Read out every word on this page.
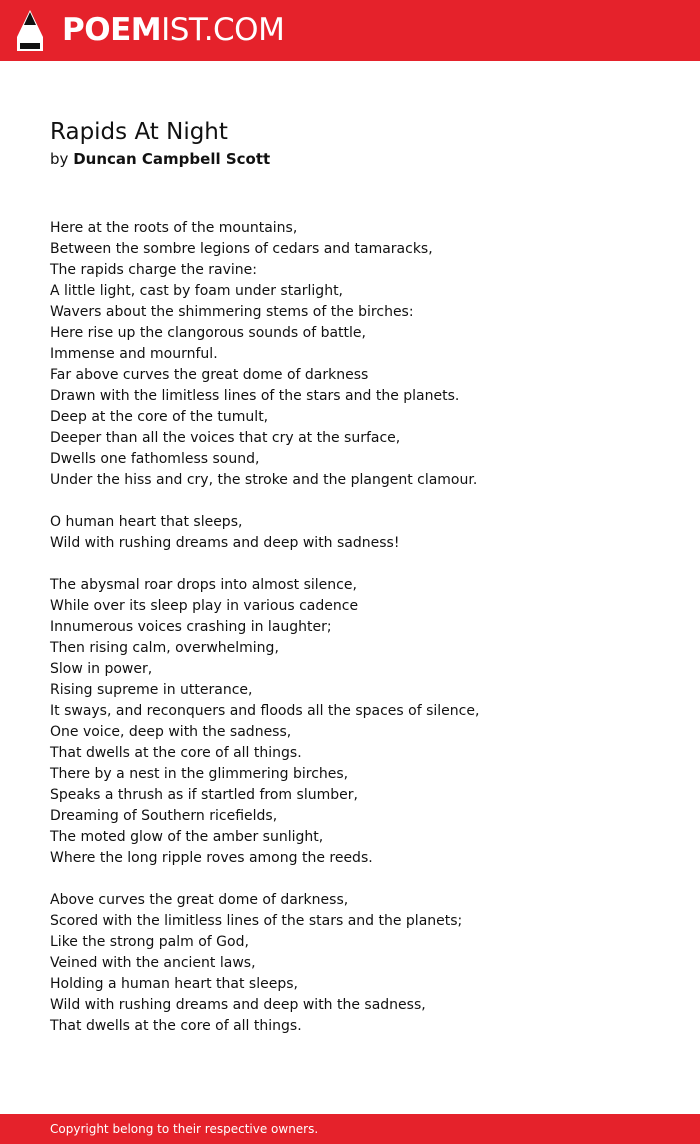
POEMIST.COM
Rapids At Night
by Duncan Campbell Scott
Here at the roots of the mountains,
Between the sombre legions of cedars and tamaracks,
The rapids charge the ravine:
A little light, cast by foam under starlight,
Wavers about the shimmering stems of the birches:
Here rise up the clangorous sounds of battle,
Immense and mournful.
Far above curves the great dome of darkness
Drawn with the limitless lines of the stars and the planets.
Deep at the core of the tumult,
Deeper than all the voices that cry at the surface,
Dwells one fathomless sound,
Under the hiss and cry, the stroke and the plangent clamour.
O human heart that sleeps,
Wild with rushing dreams and deep with sadness!
The abysmal roar drops into almost silence,
While over its sleep play in various cadence
Innumerous voices crashing in laughter;
Then rising calm, overwhelming,
Slow in power,
Rising supreme in utterance,
It sways, and reconquers and floods all the spaces of silence,
One voice, deep with the sadness,
That dwells at the core of all things.
There by a nest in the glimmering birches,
Speaks a thrush as if startled from slumber,
Dreaming of Southern ricefields,
The moted glow of the amber sunlight,
Where the long ripple roves among the reeds.
Above curves the great dome of darkness,
Scored with the limitless lines of the stars and the planets;
Like the strong palm of God,
Veined with the ancient laws,
Holding a human heart that sleeps,
Wild with rushing dreams and deep with the sadness,
That dwells at the core of all things.
Copyright belong to their respective owners.
